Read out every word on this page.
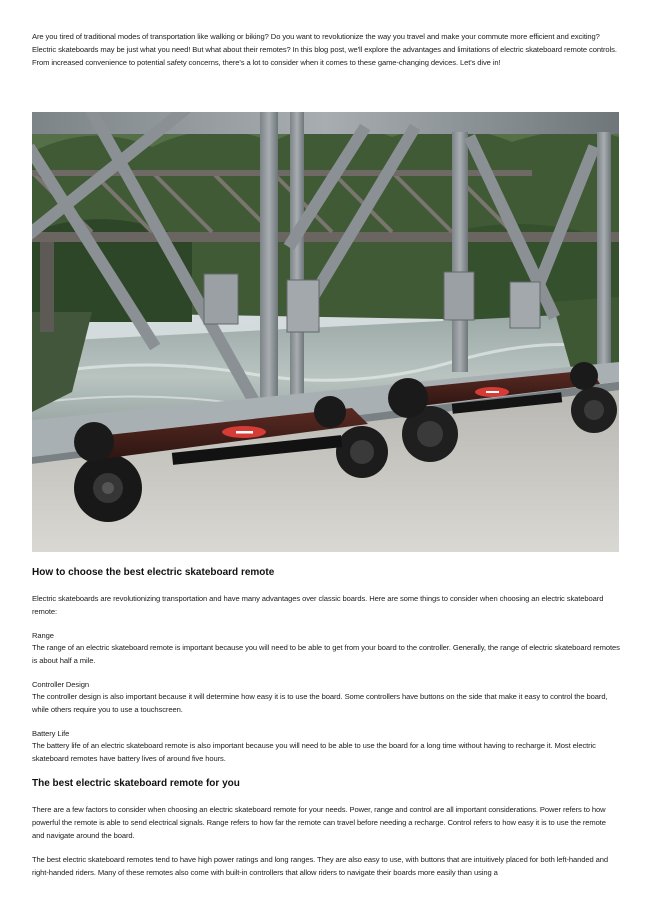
Are you tired of traditional modes of transportation like walking or biking? Do you want to revolutionize the way you travel and make your commute more efficient and exciting? Electric skateboards may be just what you need! But what about their remotes? In this blog post, we'll explore the advantages and limitations of electric skateboard remote controls. From increased convenience to potential safety concerns, there's a lot to consider when it comes to these game-changing devices. Let's dive in!

How to choose the best electric skateboard remote

Electric skateboards are revolutionizing transportation and have many advantages over classic boards. Here are some things to consider when choosing an electric skateboard remote:

Range

The range of an electric skateboard remote is important because you will need to be able to get from your board to the controller. Generally, the range of electric skateboard remotes is about half a mile.

Controller Design

The controller design is also important because it will determine how easy it is to use the board. Some controllers have buttons on the side that make it easy to control the board, while others require you to use a touchscreen.

Battery Life

The battery life of an electric skateboard remote is also important because you will need to be able to use the board for a long time without having to recharge it. Most electric skateboard remotes have battery lives of around five hours.

The best electric skateboard remote for you

There are a few factors to consider when choosing an electric skateboard remote for your needs. Power, range and control are all important considerations. Power refers to how powerful the remote is able to send electrical signals. Range refers to how far the remote can travel before needing a recharge. Control refers to how easy it is to use the remote and navigate around the board.

The best electric skateboard remotes tend to have high power ratings and long ranges. They are also easy to use, with buttons that are intuitively placed for both left-handed and right-handed riders. Many of these remotes also come with built-in controllers that allow riders to navigate their boards more easily than using a
